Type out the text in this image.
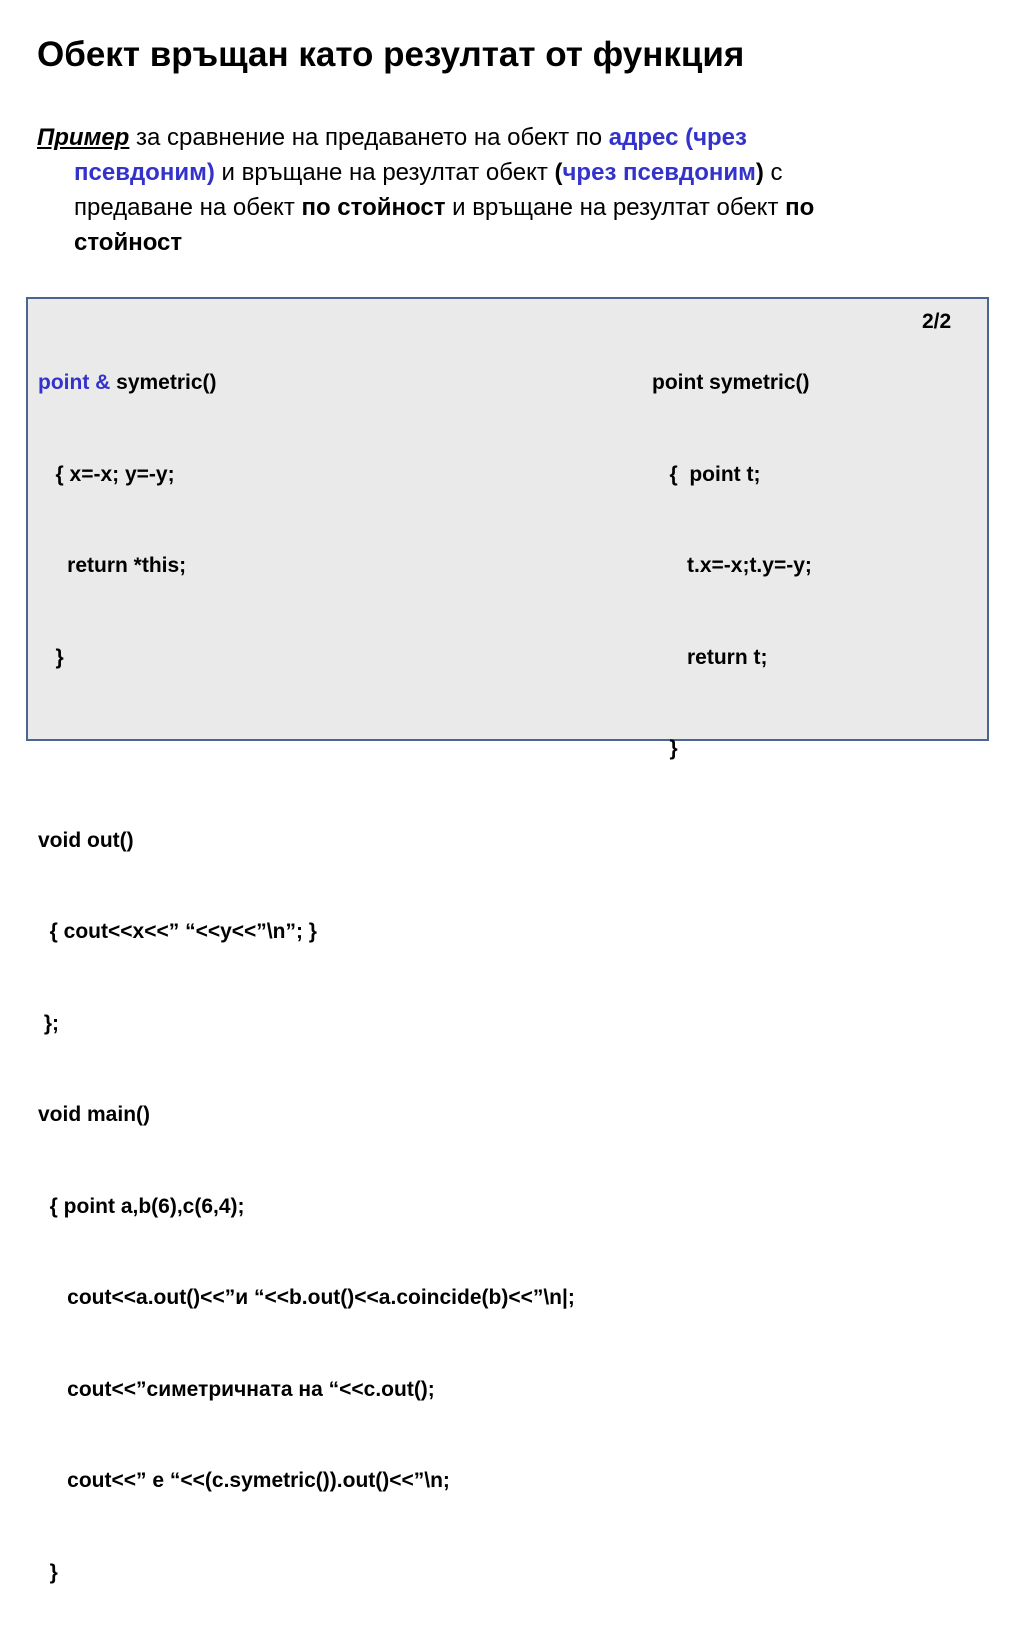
Обект връщан като резултат от функция
Пример за сравнение на предаването на обект по адрес (чрез
псевдоним) и връщане на резултат обект (чрез псевдоним) с
предаване на обект по стойност и връщане на резултат обект по
стойност

point & symetric()

{ x=-x; y=-y;

return *this;

}

void out()

{ cout<<x<<” “<<y<<”\n”; }

};

void main()

{ point a,b(6),c(6,4);

cout<<a.out()<<”и “<<b.out()<<a.coincide(b)<<”\n|;

cout<<”симетричната на “<<c.out();

cout<<” е “<<(c.symetric()).out()<<”\n;

}

point symetric()

{  point t;

t.x=-x;t.y=-y;

return t;

}

2/2
